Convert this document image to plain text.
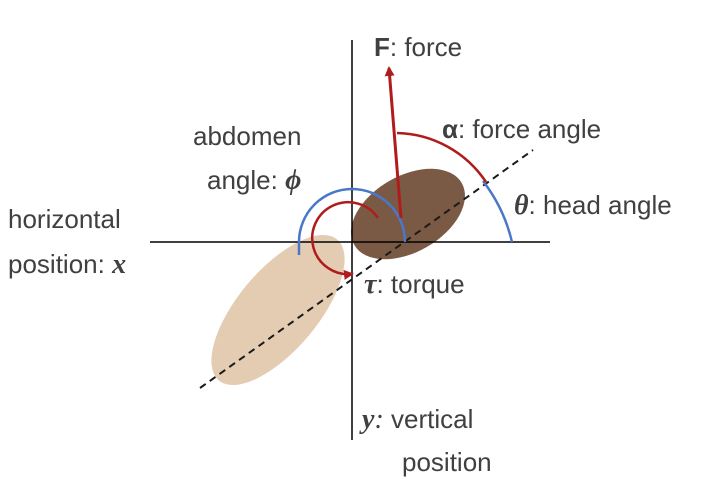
F: force
α: force angle
abdomen
angle: ϕ
θ: head angle
horizontal
position: x
τ: torque
y: vertical
position
